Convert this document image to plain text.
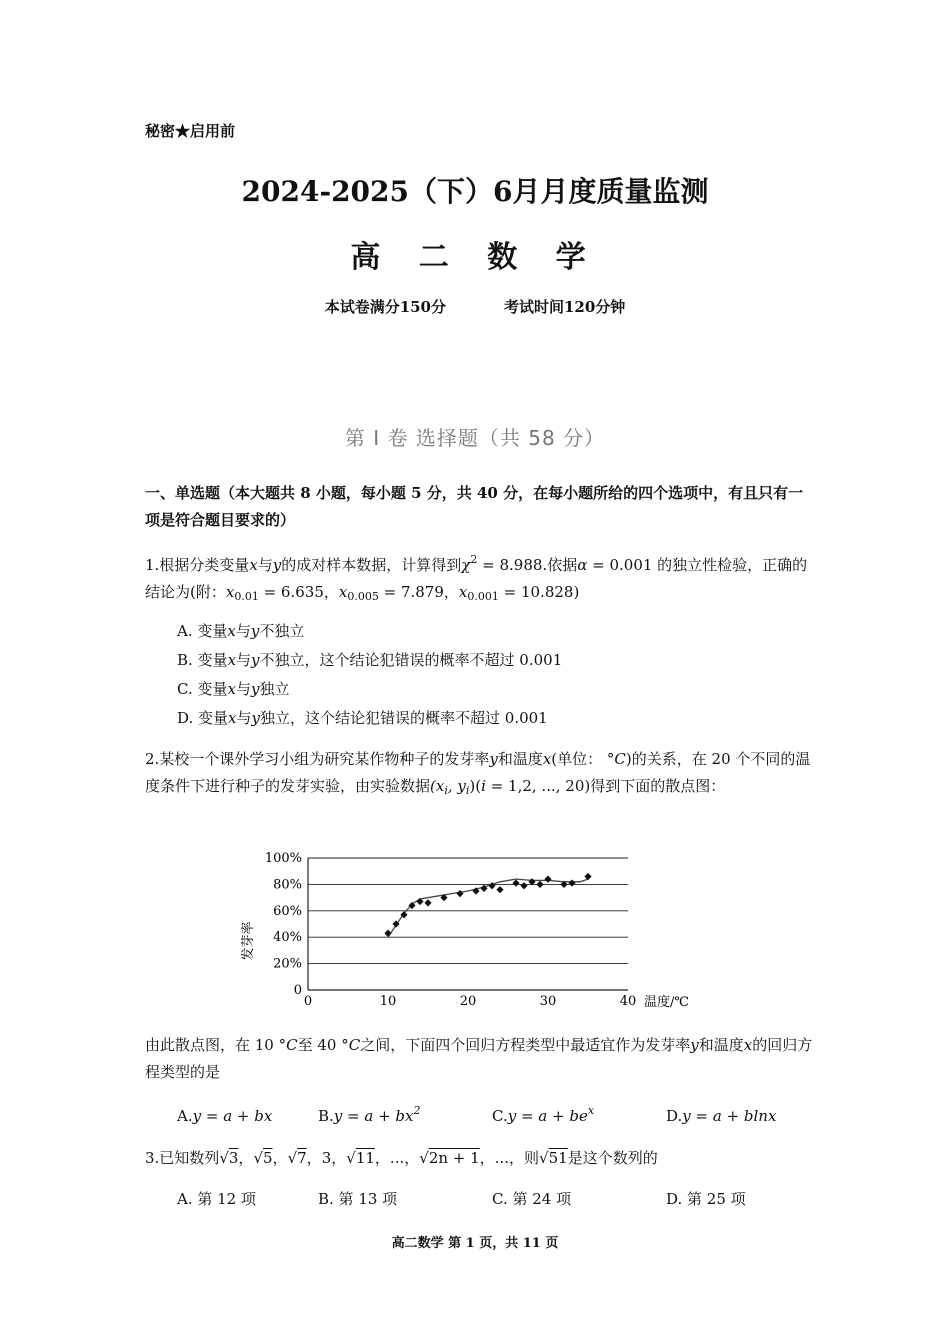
秘密★启用前
2024-2025（下）6月月度质量监测
高 二 数 学
本试卷满分150分	考试时间120分钟
第 I 卷 选择题（共 58 分）
一、单选题（本大题共 8 小题，每小题 5 分，共 40 分，在每小题所给的四个选项中，有且只有一项是符合题目要求的）
1.根据分类变量x与y的成对样本数据，计算得到$\chi^2 = 8.988$.依据α = 0.001 的独立性检验，正确的结论为(附：$x_{0.01} = 6.635$，$x_{0.005} = 7.879$，$x_{0.001} = 10.828$)
A. 变量x与y不独立
B. 变量x与y不独立，这个结论犯错误的概率不超过 0.001
C. 变量x与y独立
D. 变量x与y独立，这个结论犯错误的概率不超过 0.001
2.某校一个课外学习小组为研究某作物种子的发芽率y和温度x(单位： °C)的关系，在 20 个不同的温度条件下进行种子的发芽实验，由实验数据($x_i$, $y_i)(i = 1,2$, ..., 20)得到下面的散点图：
0
20%
40%
60%
80%
100%
0	10	20	30	40
发芽率
温度/℃
由此散点图，在 10 °C至 40 °C之间，下面四个回归方程类型中最适宜作为发芽率y和温度x的回归方程类型的是
A.y = a + bx	$B.y = a + bx^2$	$C.y = a + be^x$	D.y = a + blnx
3.已知数列√3，√5，√7，3，√11，...，√2n + 1，...，则√51是这个数列的
A. 第 12 项	B. 第 13 项	C. 第 24 项	D. 第 25 项
高二数学 第 1 页，共 11 页
